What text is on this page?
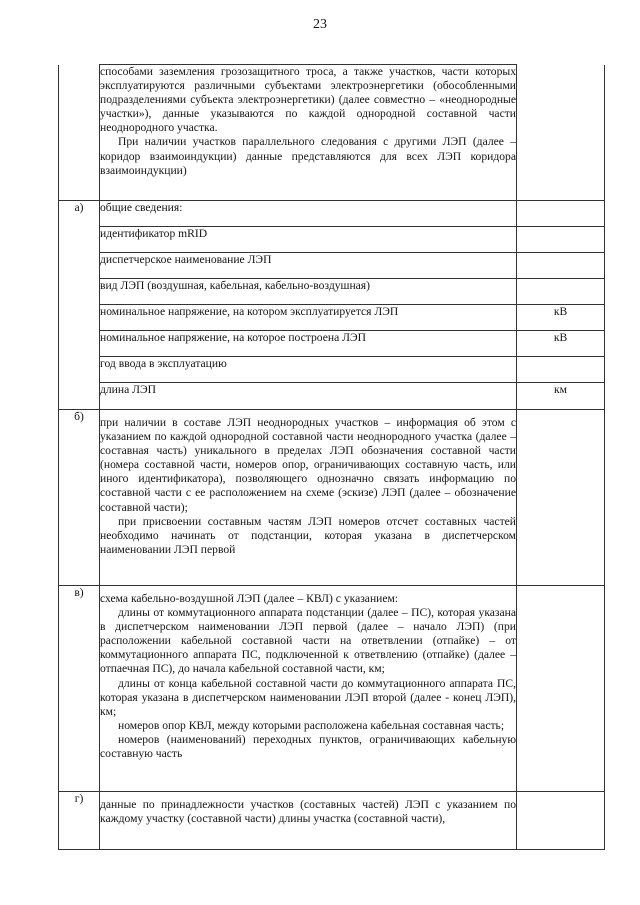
23

	способами заземления грозозащитного троса, а также участков, части которых эксплуатируются различными субъектами электроэнергетики (обособленными подразделениями субъекта электроэнергетики) (далее совместно – «неоднородные участки»), данные указываются по каждой однородной составной части неоднородного участка.

При наличии участков параллельного следования с другими ЛЭП (далее – коридор взаимоиндукции) данные представляются для всех ЛЭП коридора взаимоиндукции)	

а)	общие сведения:	
	идентификатор mRID	
	диспетчерское наименование ЛЭП	
	вид ЛЭП (воздушная, кабельная, кабельно-воздушная)	
	номинальное напряжение, на котором эксплуатируется ЛЭП	кВ
	номинальное напряжение, на которое построена ЛЭП	кВ
	год ввода в эксплуатацию	
	длина ЛЭП	км
б)	при наличии в составе ЛЭП неоднородных участков – информация об этом с указанием по каждой однородной составной части неоднородного участка (далее – составная часть) уникального в пределах ЛЭП обозначения составной части (номера составной части, номеров опор, ограничивающих составную часть, или иного идентификатора), позволяющего однозначно связать информацию по составной части с ее расположением на схеме (эскизе) ЛЭП (далее – обозначение составной части);

при присвоении составным частям ЛЭП номеров отсчет составных частей необходимо начинать от подстанции, которая указана в диспетчерском наименовании ЛЭП первой	

в)	схема кабельно-воздушной ЛЭП (далее – КВЛ) с указанием:

длины от коммутационного аппарата подстанции (далее – ПС), которая указана в диспетчерском наименовании ЛЭП первой (далее – начало ЛЭП) (при расположении кабельной составной части на ответвлении (отпайке) – от коммутационного аппарата ПС, подключенной к ответвлению (отпайке) (далее – отпаечная ПС), до начала кабельной составной части, км;

длины от конца кабельной составной части до коммутационного аппарата ПС, которая указана в диспетчерском наименовании ЛЭП второй (далее - конец ЛЭП), км;

номеров опор КВЛ, между которыми расположена кабельная составная часть;

номеров (наименований) переходных пунктов, ограничивающих кабельную составную часть	

г)	данные по принадлежности участков (составных частей) ЛЭП с указанием по каждому участку (составной части) длины участка (составной части),	
